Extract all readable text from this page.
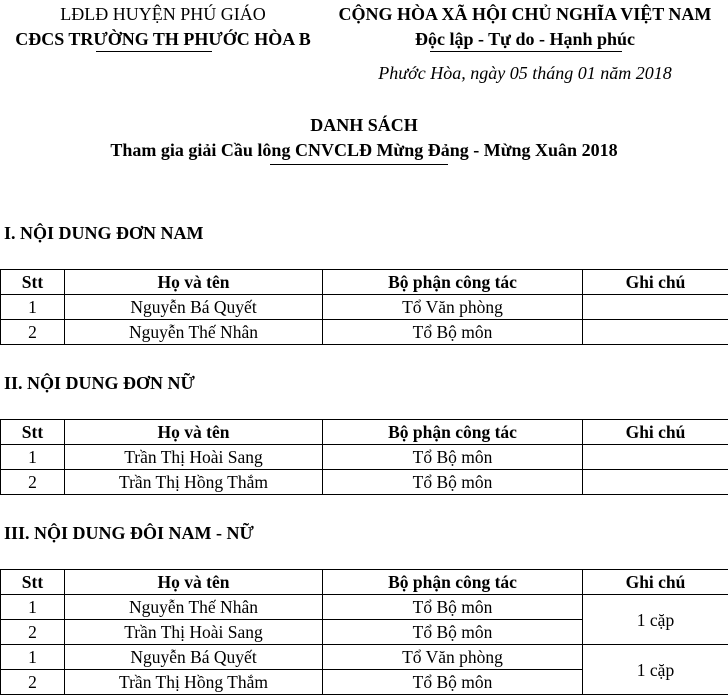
LĐLĐ HUYỆN PHÚ GIÁO
CĐCS TRƯỜNG TH PHƯỚC HÒA B
CỘNG HÒA XÃ HỘI CHỦ NGHĨA VIỆT NAM
Độc lập - Tự do - Hạnh phúc
Phước Hòa, ngày 05 tháng 01 năm 2018
DANH SÁCH
Tham gia giải Cầu lông CNVCLĐ Mừng Đảng - Mừng Xuân 2018
I. NỘI DUNG ĐƠN NAM
Stt	Họ và tên	Bộ phận công tác	Ghi chú
1	Nguyễn Bá Quyết	Tổ Văn phòng	
2	Nguyễn Thế Nhân	Tổ Bộ môn	
II. NỘI DUNG ĐƠN NỮ
Stt	Họ và tên	Bộ phận công tác	Ghi chú
1	Trần Thị Hoài Sang	Tổ Bộ môn	
2	Trần Thị Hồng Thắm	Tổ Bộ môn	
III. NỘI DUNG ĐÔI NAM - NỮ
Stt	Họ và tên	Bộ phận công tác	Ghi chú
1	Nguyễn Thế Nhân	Tổ Bộ môn	1 cặp
2	Trần Thị Hoài Sang	Tổ Bộ môn	
1	Nguyễn Bá Quyết	Tổ Văn phòng	1 cặp
2	Trần Thị Hồng Thắm	Tổ Bộ môn	
